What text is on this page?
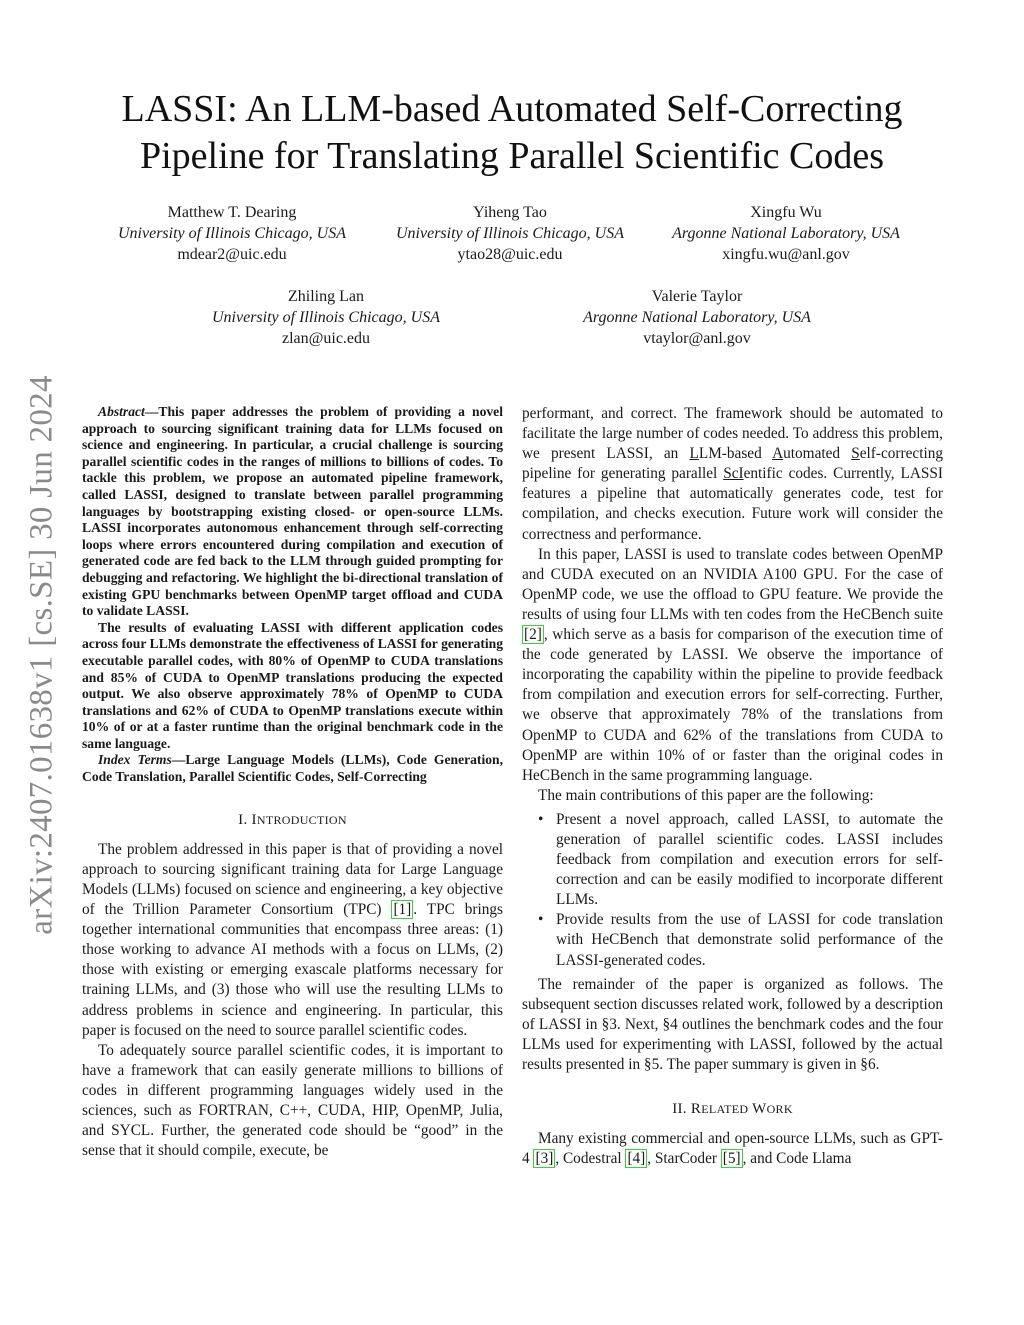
arXiv:2407.01638v1 [cs.SE] 30 Jun 2024
LASSI: An LLM-based Automated Self-Correcting
Pipeline for Translating Parallel Scientific Codes
Matthew T. Dearing
University of Illinois Chicago, USA
mdear2@uic.edu
Yiheng Tao
University of Illinois Chicago, USA
ytao28@uic.edu
Xingfu Wu
Argonne National Laboratory, USA
xingfu.wu@anl.gov
Zhiling Lan
University of Illinois Chicago, USA
zlan@uic.edu
Valerie Taylor
Argonne National Laboratory, USA
vtaylor@anl.gov

Abstract—This paper addresses the problem of providing a novel approach to sourcing significant training data for LLMs focused on science and engineering. In particular, a crucial challenge is sourcing parallel scientific codes in the ranges of millions to billions of codes. To tackle this problem, we propose an automated pipeline framework, called LASSI, designed to translate between parallel programming languages by bootstrapping existing closed- or open-source LLMs. LASSI incorporates autonomous enhancement through self-correcting loops where errors encountered during compilation and execution of generated code are fed back to the LLM through guided prompting for debugging and refactoring. We highlight the bi-directional translation of existing GPU benchmarks between OpenMP target offload and CUDA to validate LASSI.

The results of evaluating LASSI with different application codes across four LLMs demonstrate the effectiveness of LASSI for generating executable parallel codes, with 80% of OpenMP to CUDA translations and 85% of CUDA to OpenMP translations producing the expected output. We also observe approximately 78% of OpenMP to CUDA translations and 62% of CUDA to OpenMP translations execute within 10% of or at a faster runtime than the original benchmark code in the same language.

Index Terms—Large Language Models (LLMs), Code Generation, Code Translation, Parallel Scientific Codes, Self-Correcting

I. INTRODUCTION

The problem addressed in this paper is that of providing a novel approach to sourcing significant training data for Large Language Models (LLMs) focused on science and engineering, a key objective of the Trillion Parameter Consortium (TPC) [1] . TPC brings together international communities that encompass three areas: (1) those working to advance AI methods with a focus on LLMs, (2) those with existing or emerging exascale platforms necessary for training LLMs, and (3) those who will use the resulting LLMs to address problems in science and engineering. In particular, this paper is focused on the need to source parallel scientific codes.

To adequately source parallel scientific codes, it is important to have a framework that can easily generate millions to billions of codes in different programming languages widely used in the sciences, such as FORTRAN, C++, CUDA, HIP, OpenMP, Julia, and SYCL. Further, the generated code should be “good” in the sense that it should compile, execute, be

performant, and correct. The framework should be automated to facilitate the large number of codes needed. To address this problem, we present LASSI, an LLM-based Automated Self-correcting pipeline for generating parallel ScIentific codes. Currently, LASSI features a pipeline that automatically generates code, test for compilation, and checks execution. Future work will consider the correctness and performance.

In this paper, LASSI is used to translate codes between OpenMP and CUDA executed on an NVIDIA A100 GPU. For the case of OpenMP code, we use the offload to GPU feature. We provide the results of using four LLMs with ten codes from the HeCBench suite [2] , which serve as a basis for comparison of the execution time of the code generated by LASSI. We observe the importance of incorporating the capability within the pipeline to provide feedback from compilation and execution errors for self-correcting. Further, we observe that approximately 78% of the translations from OpenMP to CUDA and 62% of the translations from CUDA to OpenMP are within 10% of or faster than the original codes in HeCBench in the same programming language.

The main contributions of this paper are the following:

• Present a novel approach, called LASSI, to automate the generation of parallel scientific codes. LASSI includes feedback from compilation and execution errors for self-correction and can be easily modified to incorporate different LLMs.
• Provide results from the use of LASSI for code translation with HeCBench that demonstrate solid performance of the LASSI-generated codes.

The remainder of the paper is organized as follows. The subsequent section discusses related work, followed by a description of LASSI in §3. Next, §4 outlines the benchmark codes and the four LLMs used for experimenting with LASSI, followed by the actual results presented in §5. The paper summary is given in §6.

II. RELATED WORK

Many existing commercial and open-source LLMs, such as GPT-4 [3] , Codestral [4] , StarCoder [5] , and Code Llama
